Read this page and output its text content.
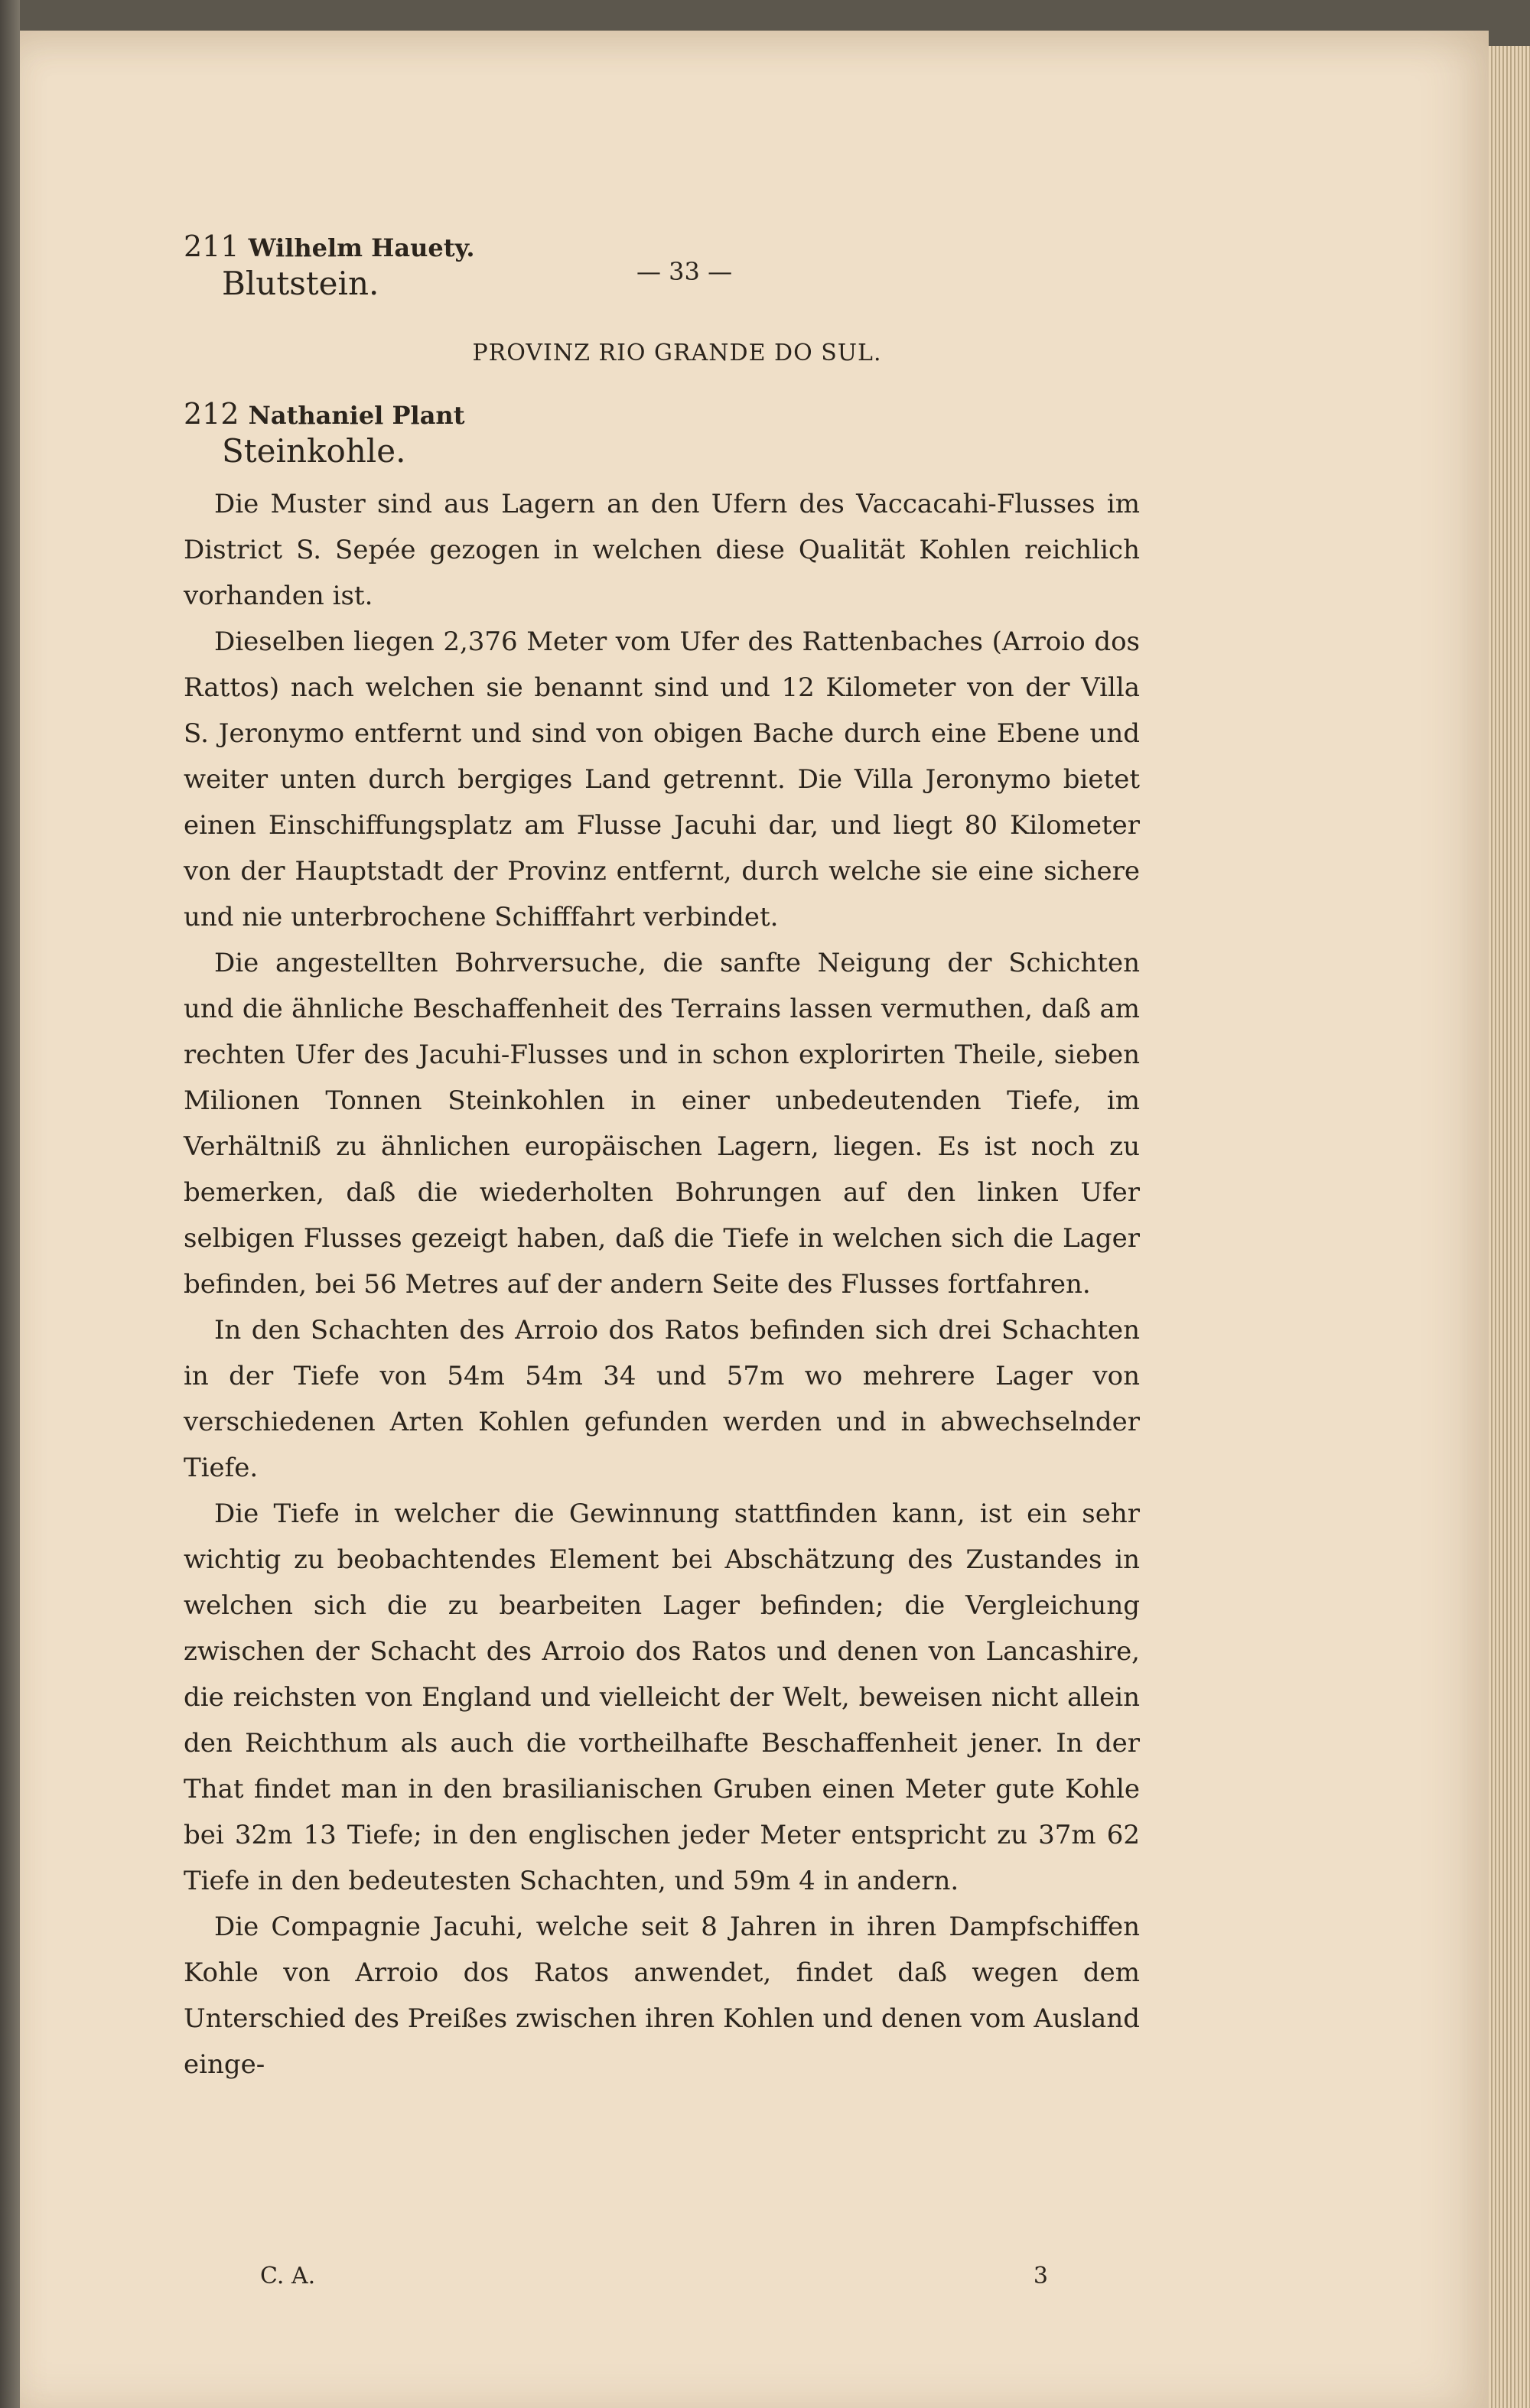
— 33 —

211 Wilhelm Hauety.

Blutstein.

PROVINZ RIO GRANDE DO SUL.

212 Nathaniel Plant

Steinkohle.

Die Muster sind aus Lagern an den Ufern des Vaccacahi-Flusses im District S. Sepée gezogen in welchen diese Qualität Kohlen reichlich vorhanden ist.

Dieselben liegen 2,376 Meter vom Ufer des Rattenbaches (Arroio dos Rattos) nach welchen sie benannt sind und 12 Kilometer von der Villa S. Jeronymo entfernt und sind von obigen Bache durch eine Ebene und weiter unten durch bergiges Land getrennt. Die Villa Jeronymo bietet einen Einschiffungsplatz am Flusse Jacuhi dar, und liegt 80 Kilometer von der Hauptstadt der Provinz entfernt, durch welche sie eine sichere und nie unterbrochene Schifffahrt verbindet.

Die angestellten Bohrversuche, die sanfte Neigung der Schichten und die ähnliche Beschaffenheit des Terrains lassen vermuthen, daß am rechten Ufer des Jacuhi-Flusses und in schon explorirten Theile, sieben Milionen Tonnen Steinkohlen in einer unbedeutenden Tiefe, im Verhältniß zu ähnlichen europäischen Lagern, liegen. Es ist noch zu bemerken, daß die wiederholten Bohrungen auf den linken Ufer selbigen Flusses gezeigt haben, daß die Tiefe in welchen sich die Lager befinden, bei 56 Metres auf der andern Seite des Flusses fortfahren.

In den Schachten des Arroio dos Ratos befinden sich drei Schachten in der Tiefe von 54m 54m 34 und 57m wo mehrere Lager von verschiedenen Arten Kohlen gefunden werden und in abwechselnder Tiefe.

Die Tiefe in welcher die Gewinnung stattfinden kann, ist ein sehr wichtig zu beobachtendes Element bei Abschätzung des Zustandes in welchen sich die zu bearbeiten Lager befinden; die Vergleichung zwischen der Schacht des Arroio dos Ratos und denen von Lancashire, die reichsten von England und vielleicht der Welt, beweisen nicht allein den Reichthum als auch die vortheilhafte Beschaffenheit jener. In der That findet man in den brasilianischen Gruben einen Meter gute Kohle bei 32m 13 Tiefe; in den englischen jeder Meter entspricht zu 37m 62 Tiefe in den bedeutesten Schachten, und 59m 4 in andern.

Die Compagnie Jacuhi, welche seit 8 Jahren in ihren Dampfschiffen Kohle von Arroio dos Ratos anwendet, findet daß wegen dem Unterschied des Preißes zwischen ihren Kohlen und denen vom Ausland einge-

C. A.	3
